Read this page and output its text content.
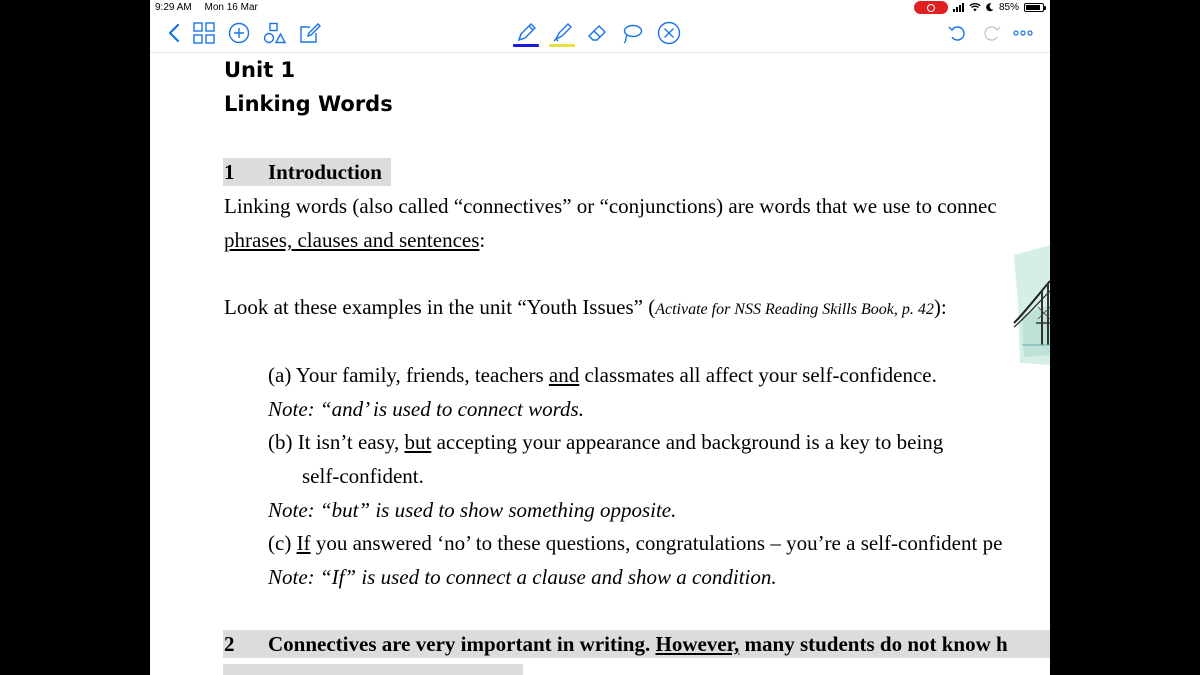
9:29 AM Mon 16 Mar	85%
Unit 1
Linking Words
1 Introduction
Linking words (also called “connectives” or “conjunctions) are words that we use to connec
phrases, clauses and sentences:
Look at these examples in the unit “Youth Issues” (Activate for NSS Reading Skills Book, p. 42):
(a) Your family, friends, teachers and classmates all affect your self-confidence.
Note: “and’ is used to connect words.
(b) It isn’t easy, but accepting your appearance and background is a key to being
self-confident.
Note: “but” is used to show something opposite.
(c) If you answered ‘no’ to these questions, congratulations – you’re a self-confident pe
Note: “If” is used to connect a clause and show a condition.
2 Connectives are very important in writing. However, many students do not know h
